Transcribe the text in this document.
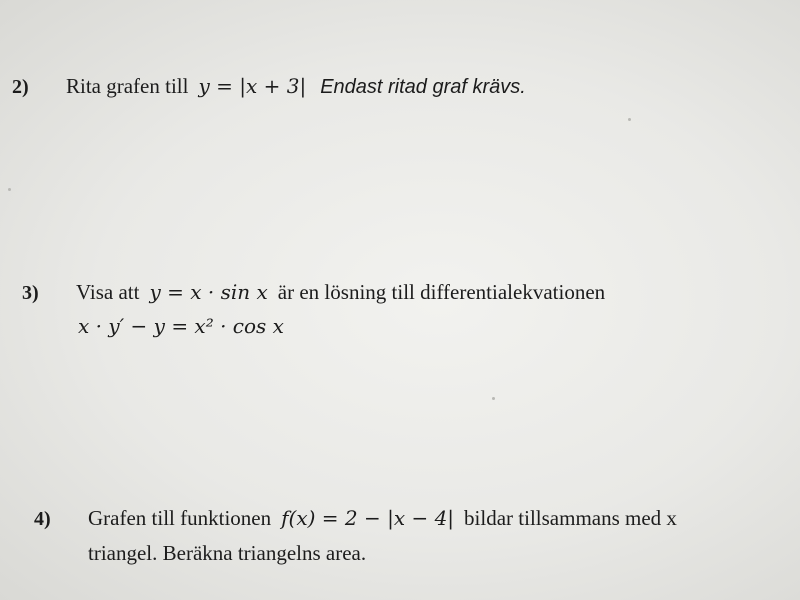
2) Rita grafen till y = |x + 3| Endast ritad graf krävs.
3) Visa att y = x · sin x är en lösning till differentialekvationen
x · y′ − y = x² · cos x
4) Grafen till funktionen f(x) = 2 − |x − 4| bildar tillsammans med x
triangel. Beräkna triangelns area.
